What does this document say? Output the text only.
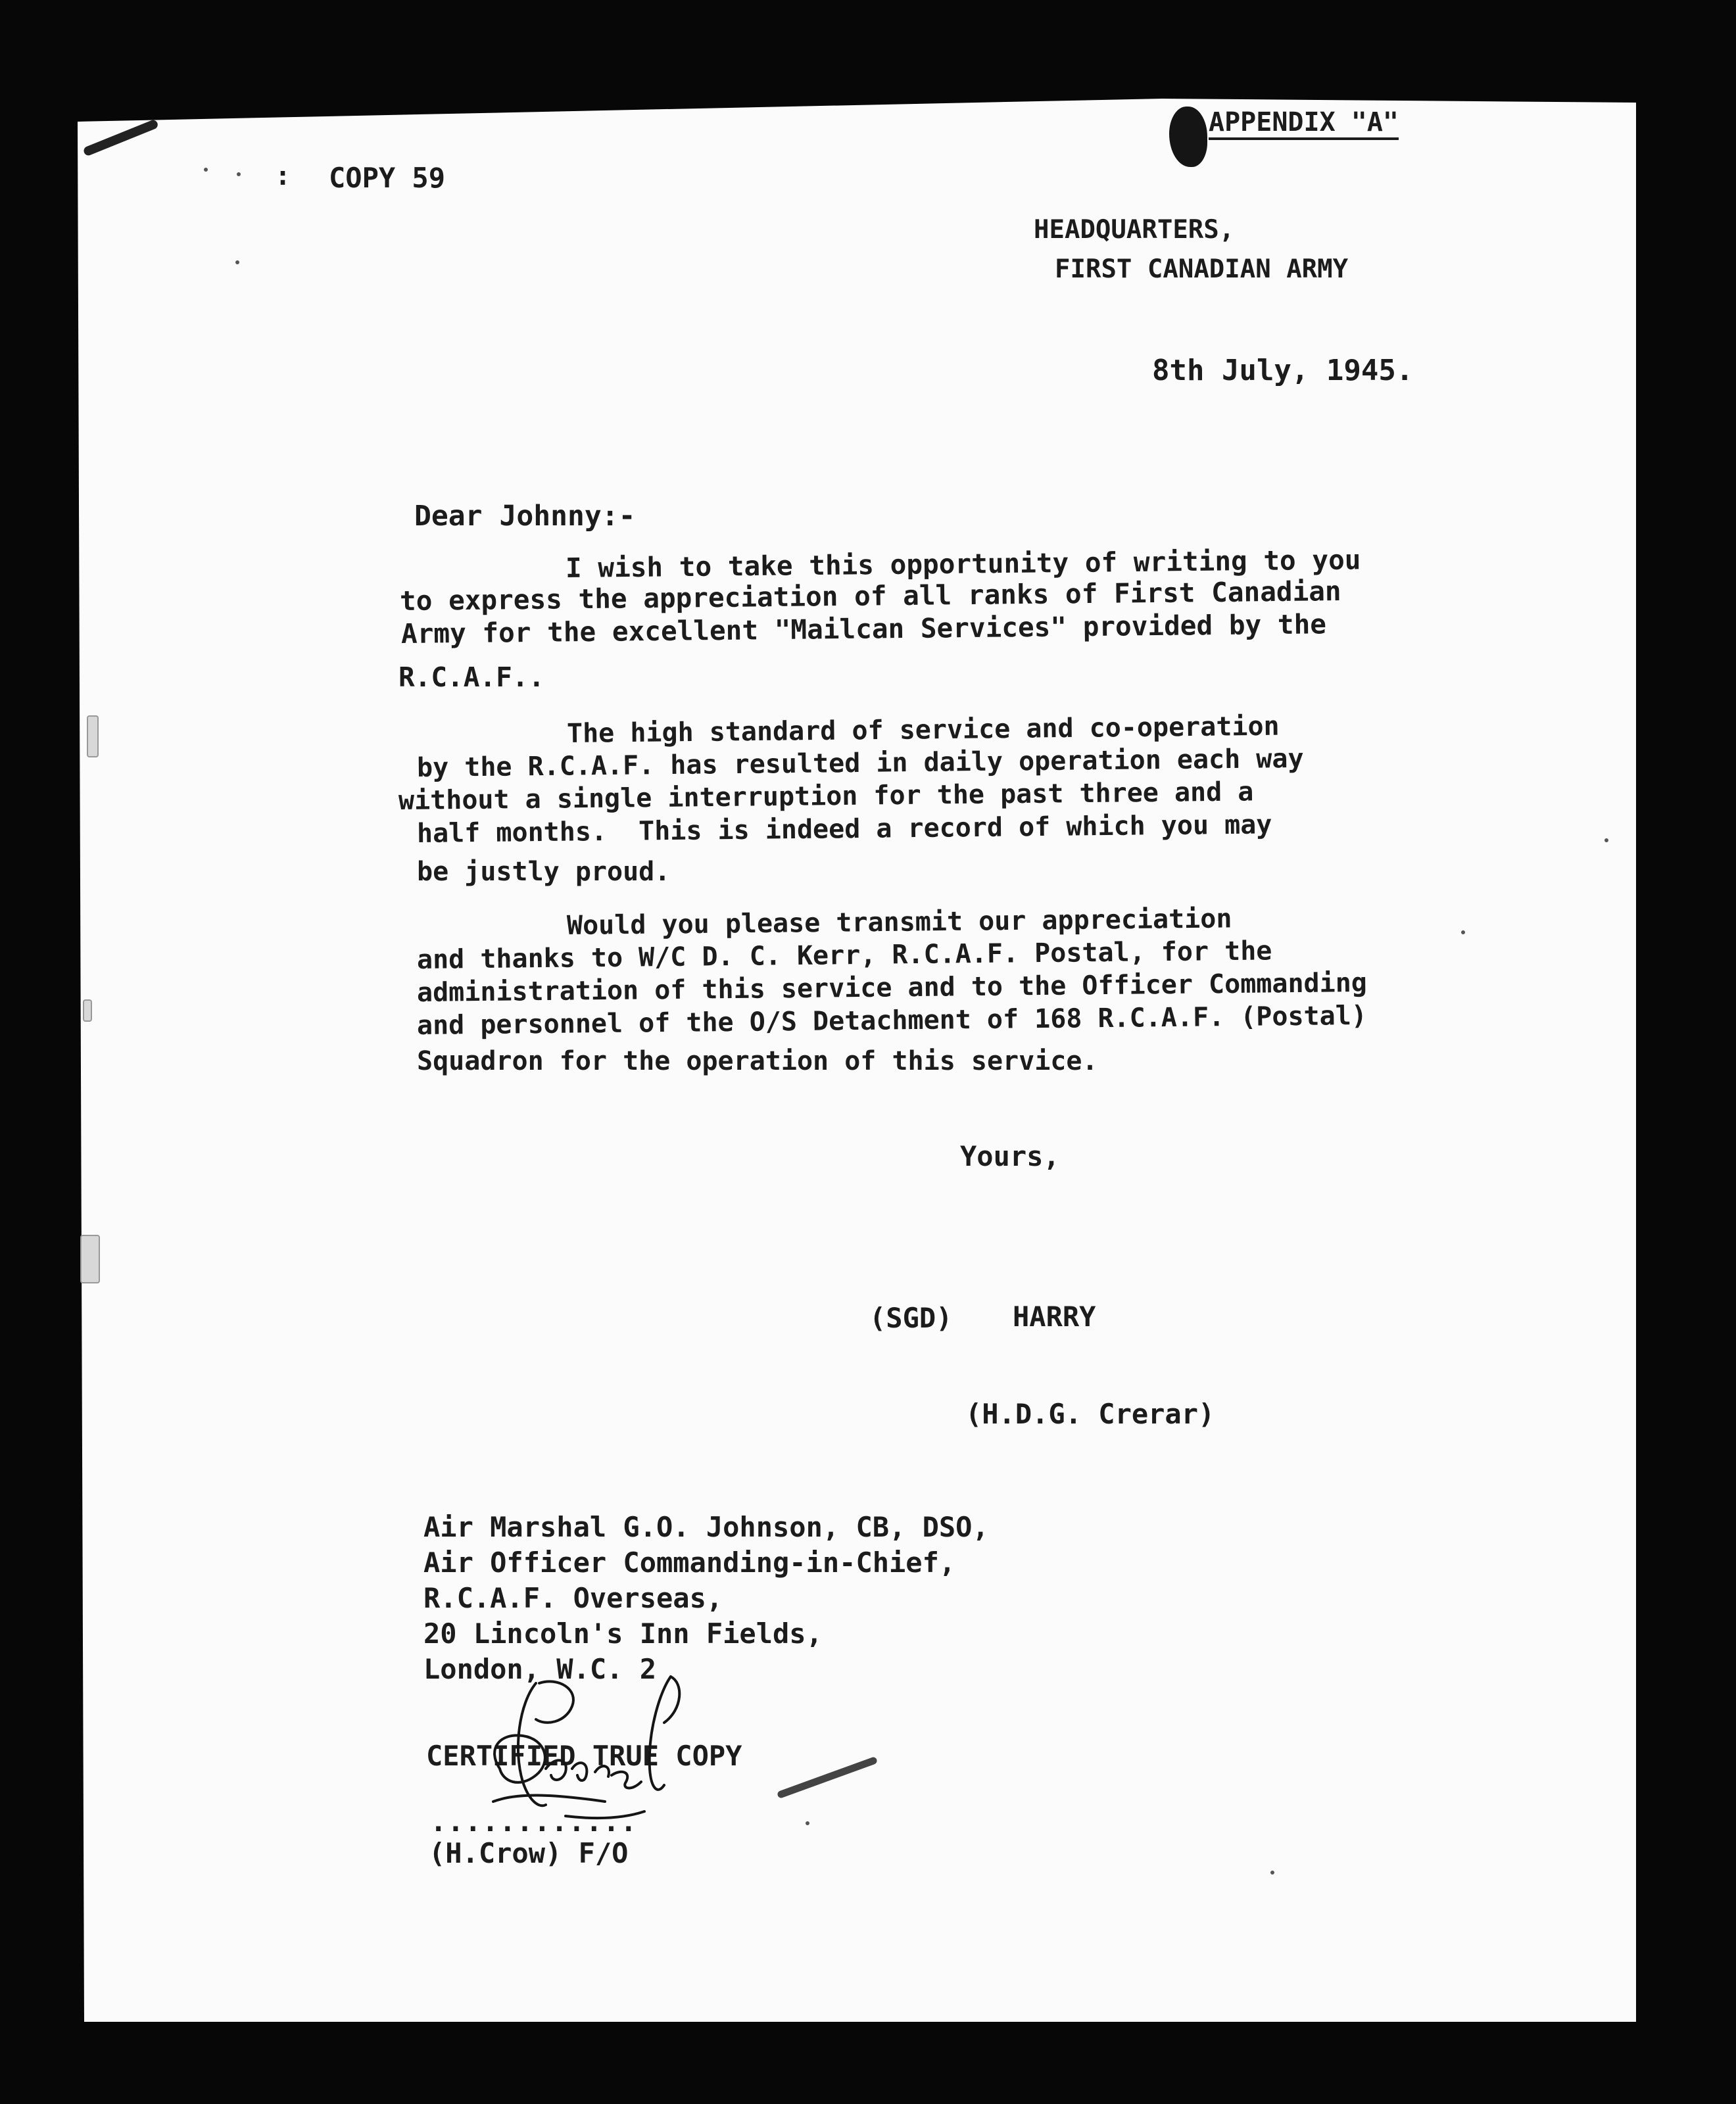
APPENDIX "A"
: COPY 59
HEADQUARTERS,
FIRST CANADIAN ARMY
8th July, 1945.
Dear Johnny:-
I wish to take this opportunity of writing to you
to express the appreciation of all ranks of First Canadian
Army for the excellent "Mailcan Services" provided by the
R.C.A.F..
The high standard of service and co-operation
by the R.C.A.F. has resulted in daily operation each way
without a single interruption for the past three and a
half months.  This is indeed a record of which you may
be justly proud.
Would you please transmit our appreciation
and thanks to W/C D. C. Kerr, R.C.A.F. Postal, for the
administration of this service and to the Officer Commanding
and personnel of the O/S Detachment of 168 R.C.A.F. (Postal)
Squadron for the operation of this service.
Yours,
(SGD) HARRY
(H.D.G. Crerar)
Air Marshal G.O. Johnson, CB, DSO,
Air Officer Commanding-in-Chief,
R.C.A.F. Overseas,
20 Lincoln's Inn Fields,
London, W.C. 2
CERTIFIED TRUE COPY
............
(H.Crow) F/O
